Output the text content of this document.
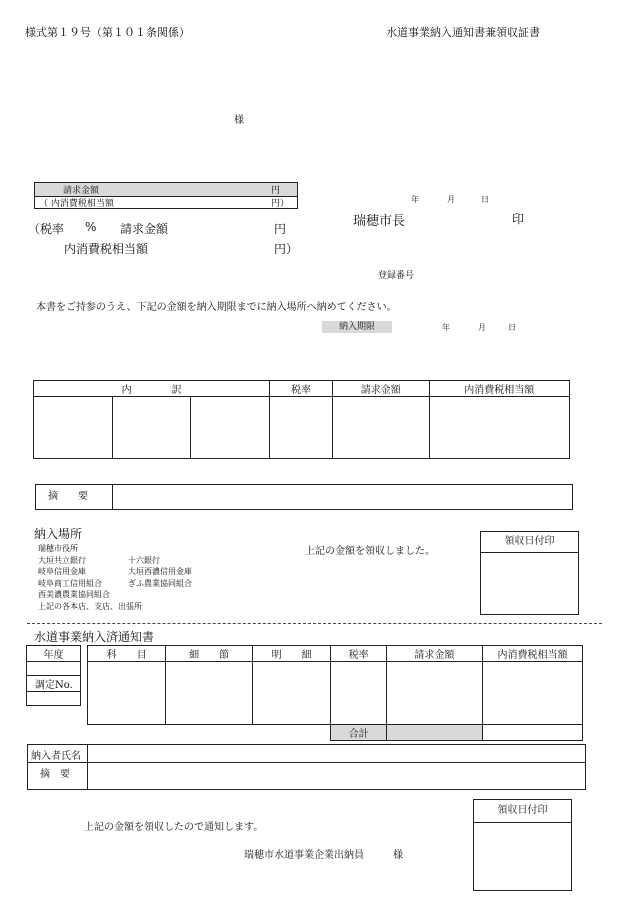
様式第１９号（第１０１条関係）	水道事業納入通知書兼領収証書
様
請求金額	円
（ 内消費税相当額	円）
（税率 % 請求金額	円
内消費税相当額	円）
年	月	日
瑞穂市長	印
登録番号
本書をご持参のうえ、下記の金額を納入期限までに納入場所へ納めてください。
納入期限	年	月	日
内　　　　訳			税率	請求金額	内消費税相当額

摘　　要
納入場所
瑞穂市役所
大垣共立銀行
岐阜信用金庫
岐阜商工信用組合
西美濃農業協同組合
上記の各本店、支店、出張所
十六銀行
大垣西濃信用金庫
ぎふ農業協同組合
上記の金額を領収しました。
領収日付印
水道事業納入済通知書
年度

調定No.

科　　目	細　　節	明　　細	税率	請求金額	内消費税相当額

			合計		
納入者氏名
摘　要
上記の金額を領収したので通知します。
瑞穂市水道事業企業出納員	様
領収日付印
